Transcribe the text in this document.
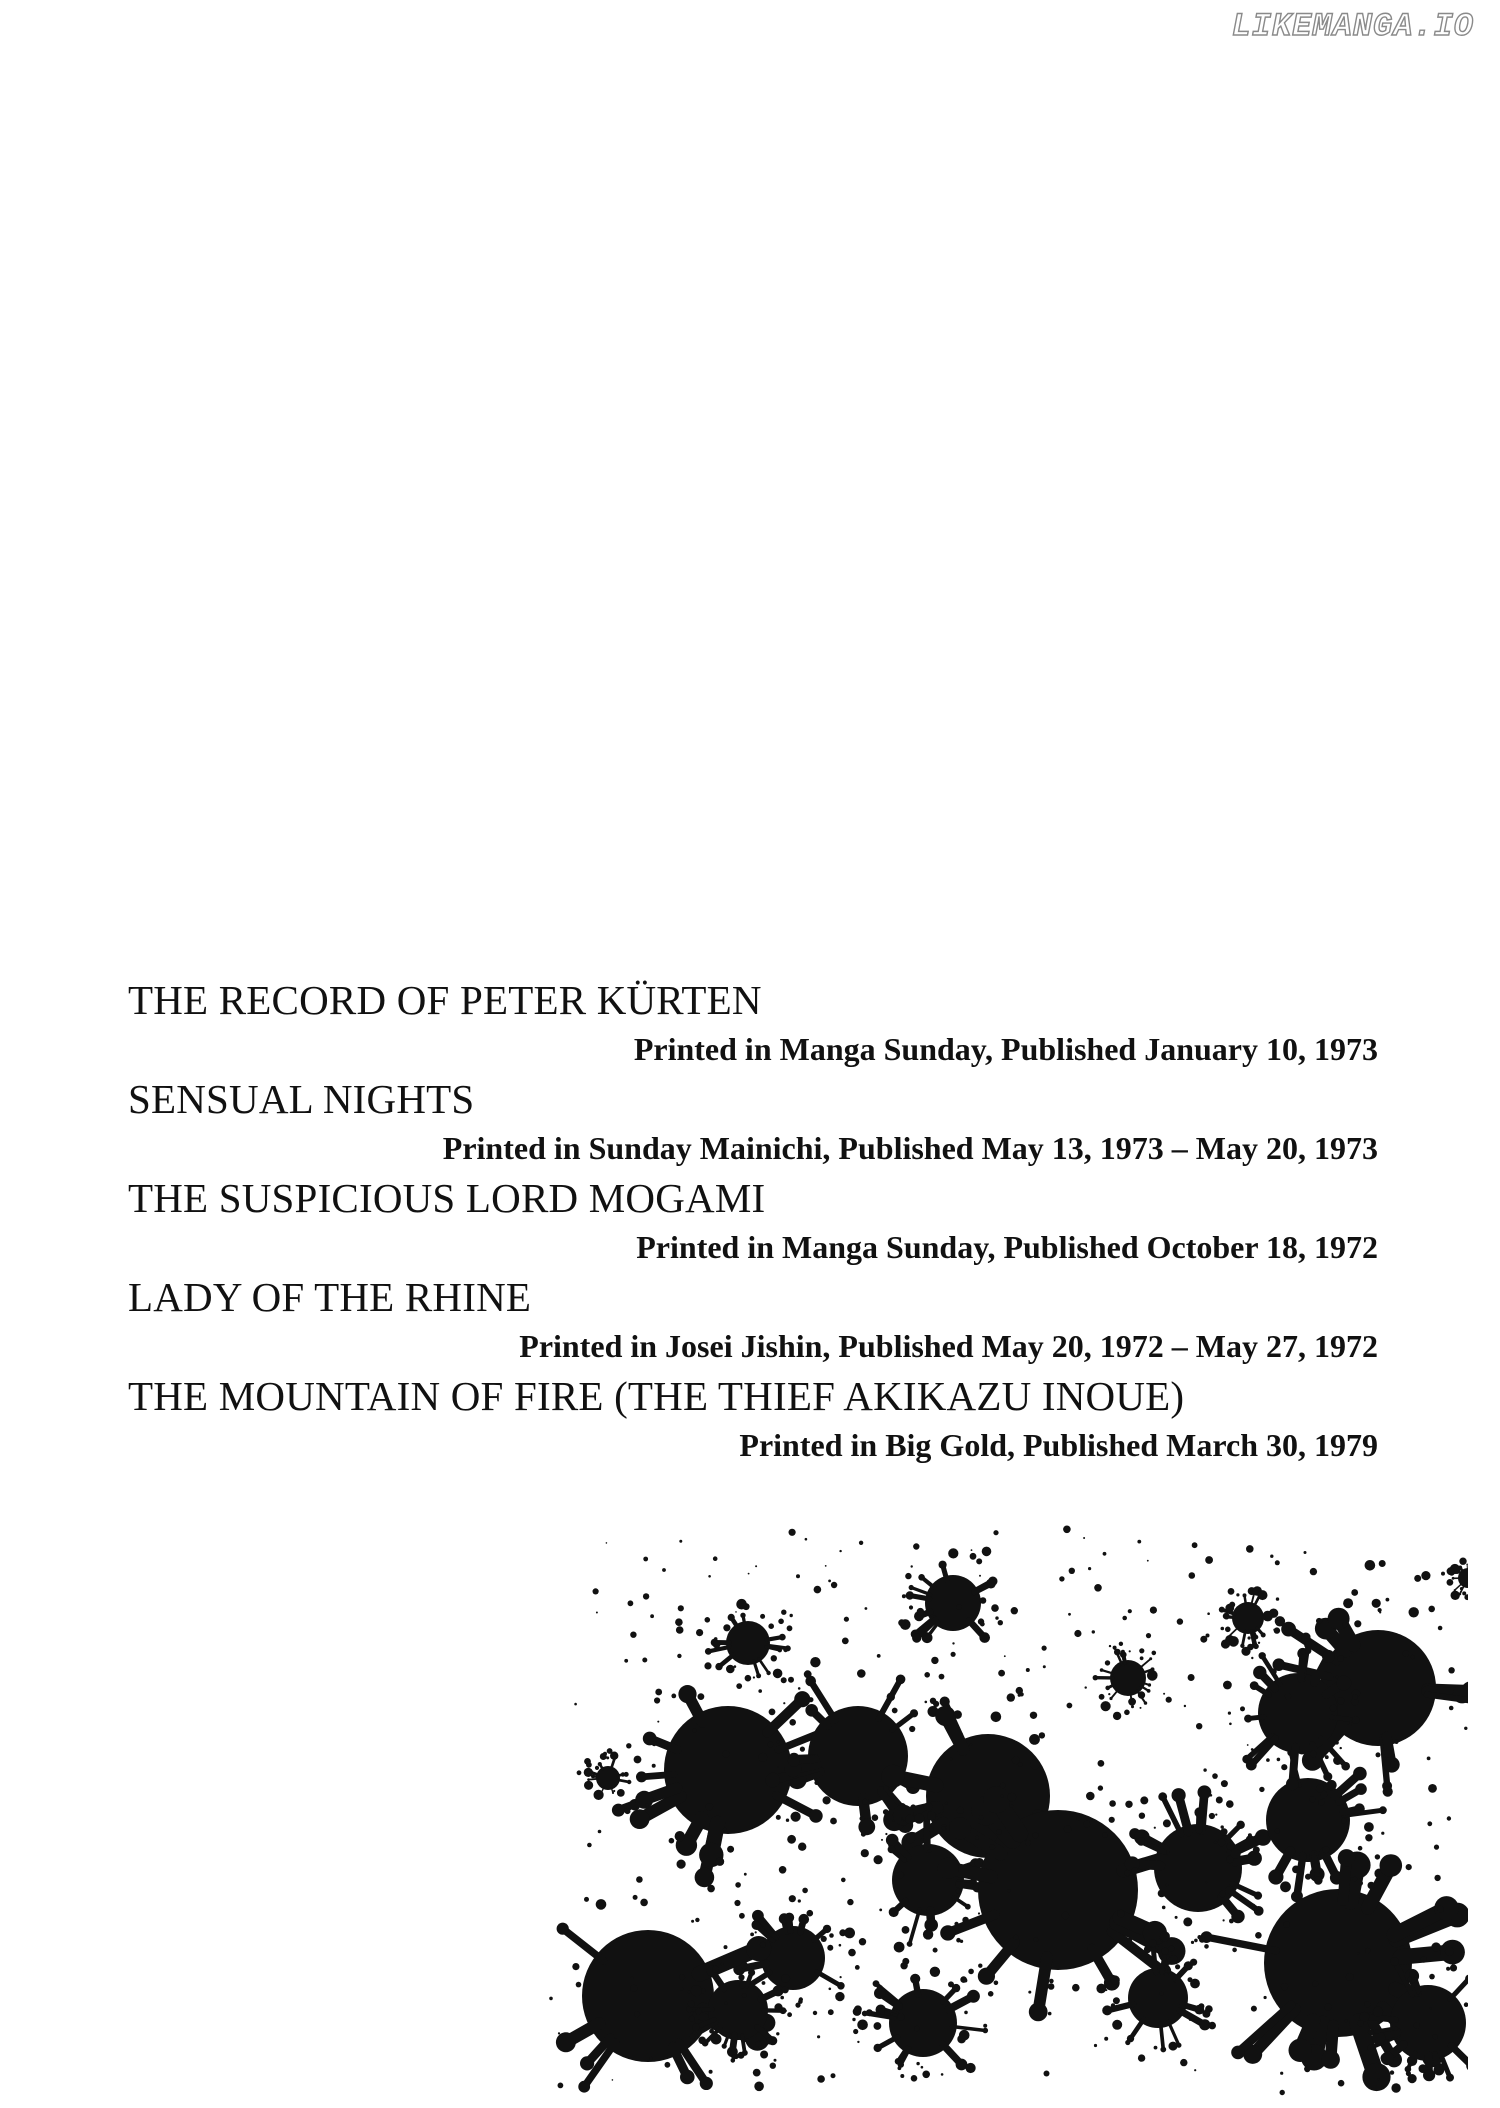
LIKEMANGA.IO
THE RECORD OF PETER KÜRTEN
Printed in Manga Sunday, Published January 10, 1973
SENSUAL NIGHTS
Printed in Sunday Mainichi, Published May 13, 1973 – May 20, 1973
THE SUSPICIOUS LORD MOGAMI
Printed in Manga Sunday, Published October 18, 1972
LADY OF THE RHINE
Printed in Josei Jishin, Published May 20, 1972 – May 27, 1972
THE MOUNTAIN OF FIRE (THE THIEF AKIKAZU INOUE)
Printed in Big Gold, Published March 30, 1979
